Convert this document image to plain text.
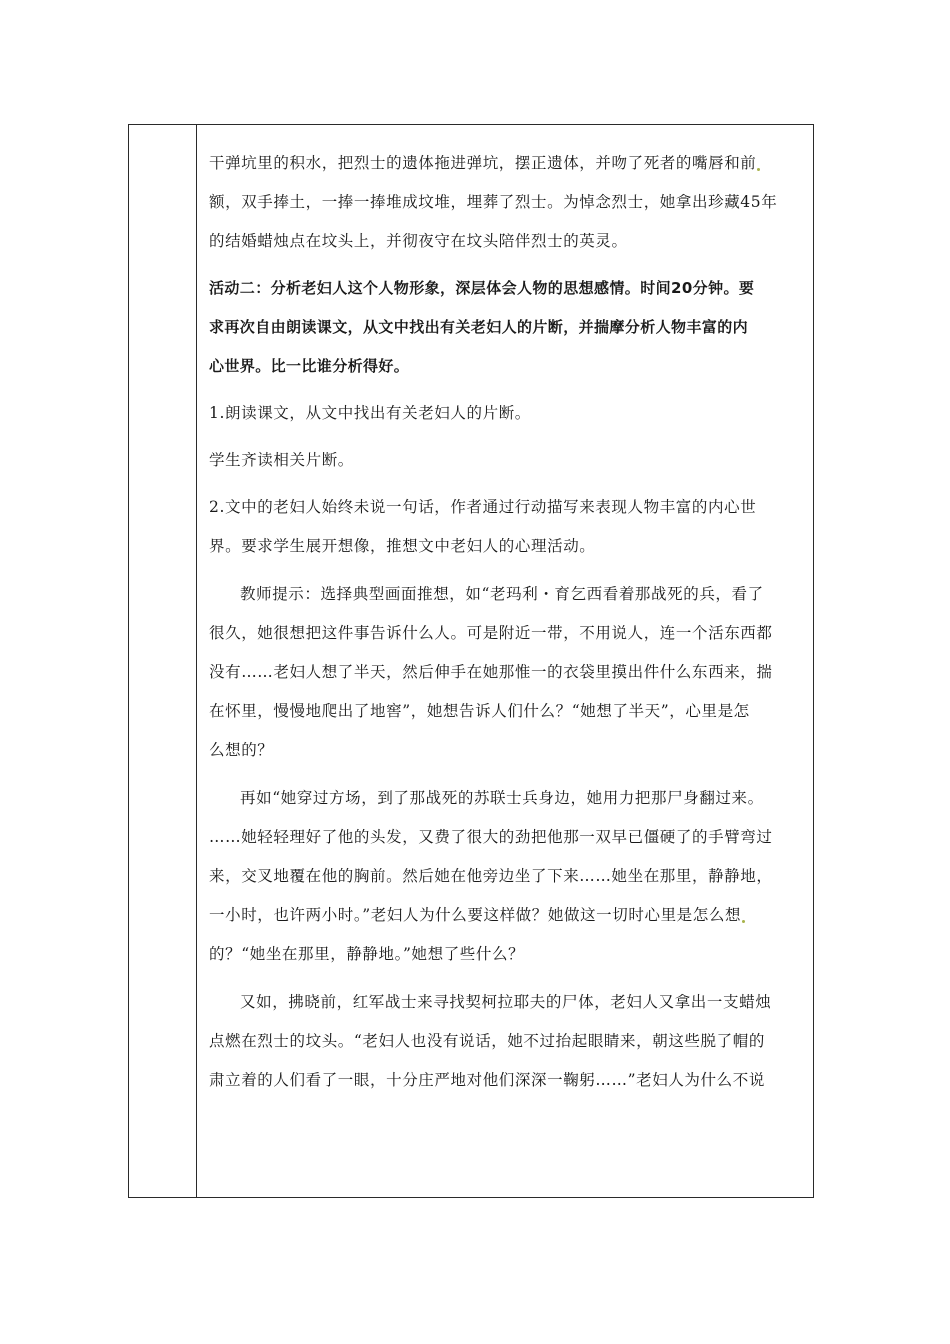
干弹坑里的积水，把烈士的遗体拖进弹坑，摆正遗体，并吻了死者的嘴唇和前
额，双手捧土，一捧一捧堆成坟堆，埋葬了烈士。为悼念烈士，她拿出珍藏45年
的结婚蜡烛点在坟头上，并彻夜守在坟头陪伴烈士的英灵。

活动二：分析老妇人这个人物形象，深层体会人物的思想感情。时间20分钟。要
求再次自由朗读课文，从文中找出有关老妇人的片断，并揣摩分析人物丰富的内
心世界。比一比谁分析得好。

1.朗读课文，从文中找出有关老妇人的片断。

学生齐读相关片断。

2.文中的老妇人始终未说一句话，作者通过行动描写来表现人物丰富的内心世
界。要求学生展开想像，推想文中老妇人的心理活动。

教师提示：选择典型画面推想，如“老玛利・育乞西看着那战死的兵，看了
很久，她很想把这件事告诉什么人。可是附近一带，不用说人，连一个活东西都
没有……老妇人想了半天，然后伸手在她那惟一的衣袋里摸出件什么东西来，揣
在怀里，慢慢地爬出了地窖”，她想告诉人们什么？“她想了半天”，心里是怎
么想的？

再如“她穿过方场，到了那战死的苏联士兵身边，她用力把那尸身翻过来。
……她轻轻理好了他的头发，又费了很大的劲把他那一双早已僵硬了的手臂弯过
来，交叉地覆在他的胸前。然后她在他旁边坐了下来……她坐在那里，静静地，
一小时，也许两小时。”老妇人为什么要这样做？她做这一切时心里是怎么想
的？“她坐在那里，静静地。”她想了些什么？

又如，拂晓前，红军战士来寻找契柯拉耶夫的尸体，老妇人又拿出一支蜡烛
点燃在烈士的坟头。“老妇人也没有说话，她不过抬起眼睛来，朝这些脱了帽的
肃立着的人们看了一眼，十分庄严地对他们深深一鞠躬……”老妇人为什么不说
